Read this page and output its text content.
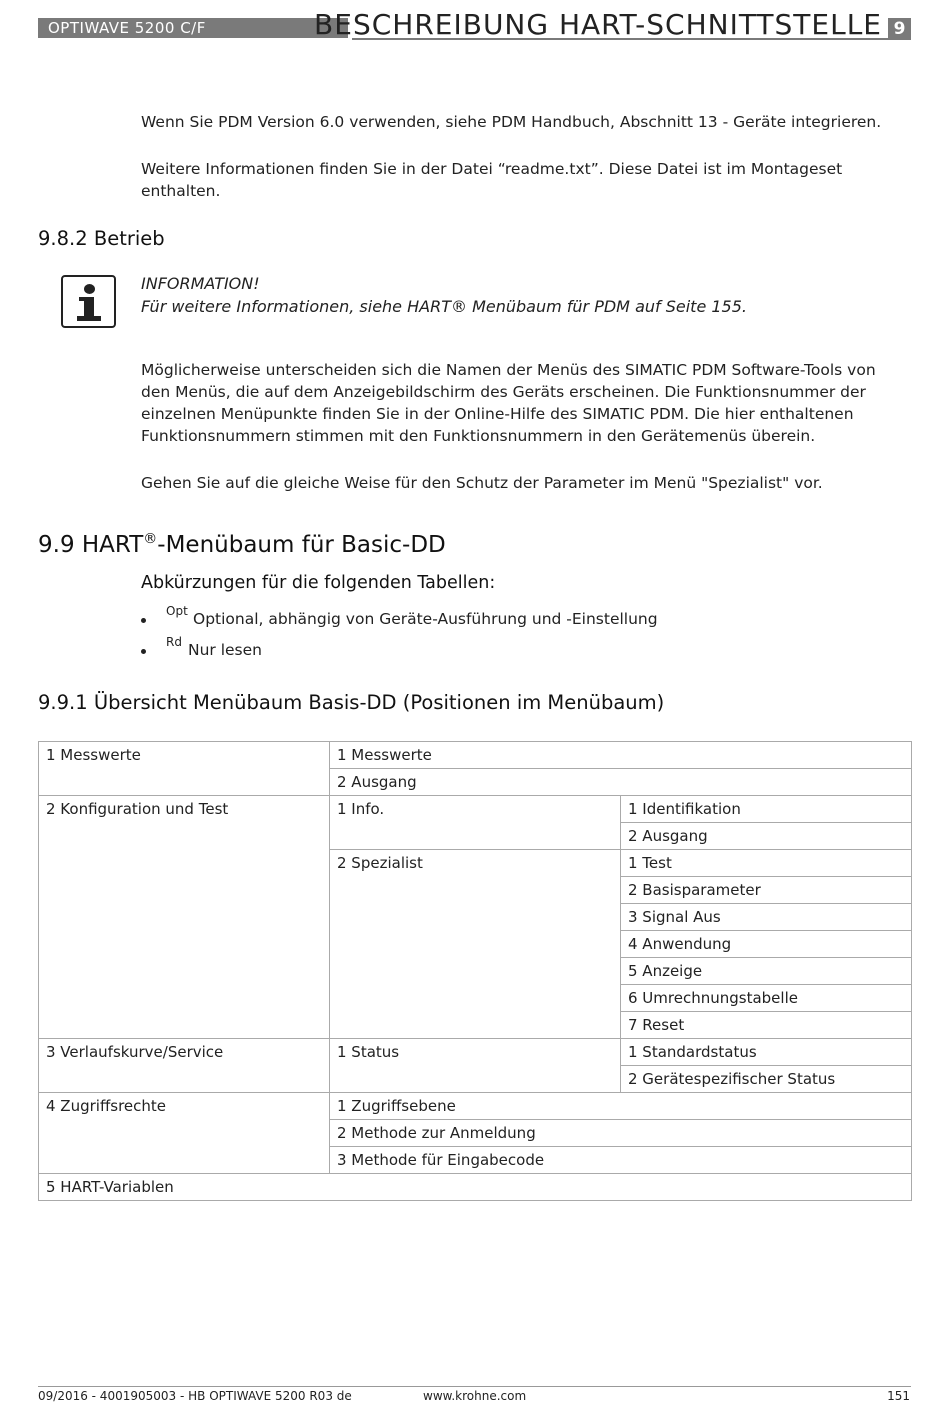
OPTIWAVE 5200 C/F	BESCHREIBUNG HART-SCHNITTSTELLE 9
Wenn Sie PDM Version 6.0 verwenden, siehe PDM Handbuch, Abschnitt 13 - Geräte integrieren.
Weitere Informationen finden Sie in der Datei “readme.txt”. Diese Datei ist im Montageset
enthalten.
9.8.2 Betrieb
INFORMATION!
Für weitere Informationen, siehe HART® Menübaum für PDM auf Seite 155.
Möglicherweise unterscheiden sich die Namen der Menüs des SIMATIC PDM Software-Tools von
den Menüs, die auf dem Anzeigebildschirm des Geräts erscheinen. Die Funktionsnummer der
einzelnen Menüpunkte finden Sie in der Online-Hilfe des SIMATIC PDM. Die hier enthaltenen
Funktionsnummern stimmen mit den Funktionsnummern in den Gerätemenüs überein.
Gehen Sie auf die gleiche Weise für den Schutz der Parameter im Menü "Spezialist" vor.
9.9 HART®-Menübaum für Basic-DD
Abkürzungen für die folgenden Tabellen:
Opt Optional, abhängig von Geräte-Ausführung und -Einstellung
Rd Nur lesen
9.9.1 Übersicht Menübaum Basis-DD (Positionen im Menübaum)
1 Messwerte	1 Messwerte	
	2 Ausgang	
2 Konfiguration und Test	1 Info.	1 Identifikation
		2 Ausgang
	2 Spezialist	1 Test
		2 Basisparameter
		3 Signal Aus
		4 Anwendung
		5 Anzeige
		6 Umrechnungstabelle
		7 Reset
3 Verlaufskurve/Service	1 Status	1 Standardstatus
		2 Gerätespezifischer Status
4 Zugriffsrechte	1 Zugriffsebene	
	2 Methode zur Anmeldung	
	3 Methode für Eingabecode	
5 HART-Variablen		
09/2016 - 4001905003 - HB OPTIWAVE 5200 R03 de	www.krohne.com	151
